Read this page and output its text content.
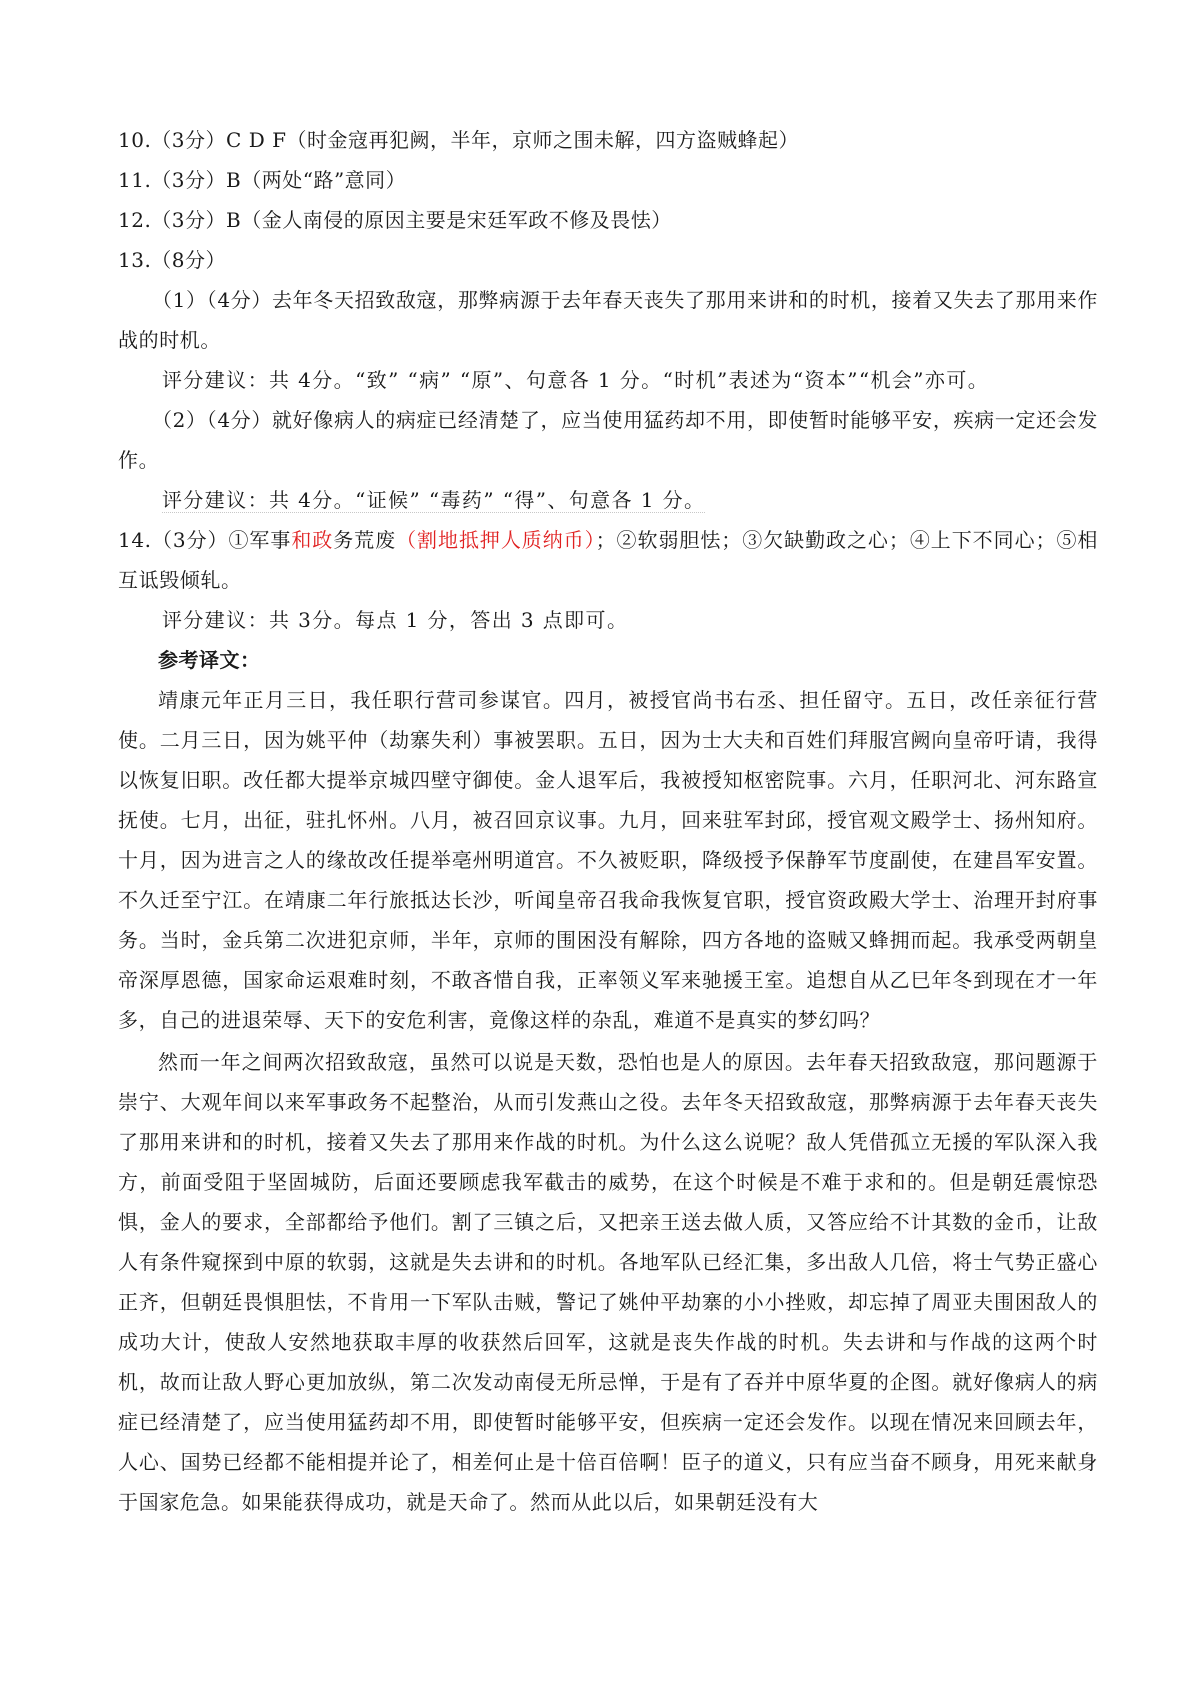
10.（3分）C D F（时金寇再犯阙，半年，京师之围未解，四方盗贼蜂起）
11.（3分）B（两处“路”意同）
12.（3分）B（金人南侵的原因主要是宋廷军政不修及畏怯）
13.（8分）

（1）（4分）去年冬天招致敌寇，那弊病源于去年春天丧失了那用来讲和的时机，接着又失去了那用来作战的时机。

评分建议：共 4分。“致” “病” “原”、句意各 1 分。“时机”表述为“资本”“机会”亦可。

（2）（4分）就好像病人的病症已经清楚了，应当使用猛药却不用，即使暂时能够平安，疾病一定还会发作。

评分建议：共 4分。“证候” “毒药” “得”、句意各 1 分。

14.（3分）①军事和政务荒废（割地抵押人质纳币）；②软弱胆怯；③欠缺勤政之心；④上下不同心；⑤相互诋毁倾轧。

评分建议：共 3分。每点 1 分，答出 3 点即可。
参考译文：

靖康元年正月三日，我任职行营司参谋官。四月，被授官尚书右丞、担任留守。五日，改任亲征行营使。二月三日，因为姚平仲（劫寨失利）事被罢职。五日，因为士大夫和百姓们拜服宫阙向皇帝吁请，我得以恢复旧职。改任都大提举京城四壁守御使。金人退军后，我被授知枢密院事。六月，任职河北、河东路宣抚使。七月，出征，驻扎怀州。八月，被召回京议事。九月，回来驻军封邱，授官观文殿学士、扬州知府。十月，因为进言之人的缘故改任提举亳州明道宫。不久被贬职，降级授予保静军节度副使，在建昌军安置。不久迁至宁江。在靖康二年行旅抵达长沙，听闻皇帝召我命我恢复官职，授官资政殿大学士、治理开封府事务。当时，金兵第二次进犯京师，半年，京师的围困没有解除，四方各地的盗贼又蜂拥而起。我承受两朝皇帝深厚恩德，国家命运艰难时刻，不敢吝惜自我，正率领义军来驰援王室。追想自从乙巳年冬到现在才一年多，自己的进退荣辱、天下的安危利害，竟像这样的杂乱，难道不是真实的梦幻吗？

然而一年之间两次招致敌寇，虽然可以说是天数，恐怕也是人的原因。去年春天招致敌寇，那问题源于崇宁、大观年间以来军事政务不起整治，从而引发燕山之役。去年冬天招致敌寇，那弊病源于去年春天丧失了那用来讲和的时机，接着又失去了那用来作战的时机。为什么这么说呢？敌人凭借孤立无援的军队深入我方，前面受阻于坚固城防，后面还要顾虑我军截击的威势，在这个时候是不难于求和的。但是朝廷震惊恐惧，金人的要求，全部都给予他们。割了三镇之后，又把亲王送去做人质，又答应给不计其数的金币，让敌人有条件窥探到中原的软弱，这就是失去讲和的时机。各地军队已经汇集，多出敌人几倍，将士气势正盛心正齐，但朝廷畏惧胆怯，不肯用一下军队击贼，警记了姚仲平劫寨的小小挫败，却忘掉了周亚夫围困敌人的成功大计，使敌人安然地获取丰厚的收获然后回军，这就是丧失作战的时机。失去讲和与作战的这两个时机，故而让敌人野心更加放纵，第二次发动南侵无所忌惮，于是有了吞并中原华夏的企图。就好像病人的病症已经清楚了，应当使用猛药却不用，即使暂时能够平安，但疾病一定还会发作。以现在情况来回顾去年，人心、国势已经都不能相提并论了，相差何止是十倍百倍啊！臣子的道义，只有应当奋不顾身，用死来献身于国家危急。如果能获得成功，就是天命了。然而从此以后，如果朝廷没有大
